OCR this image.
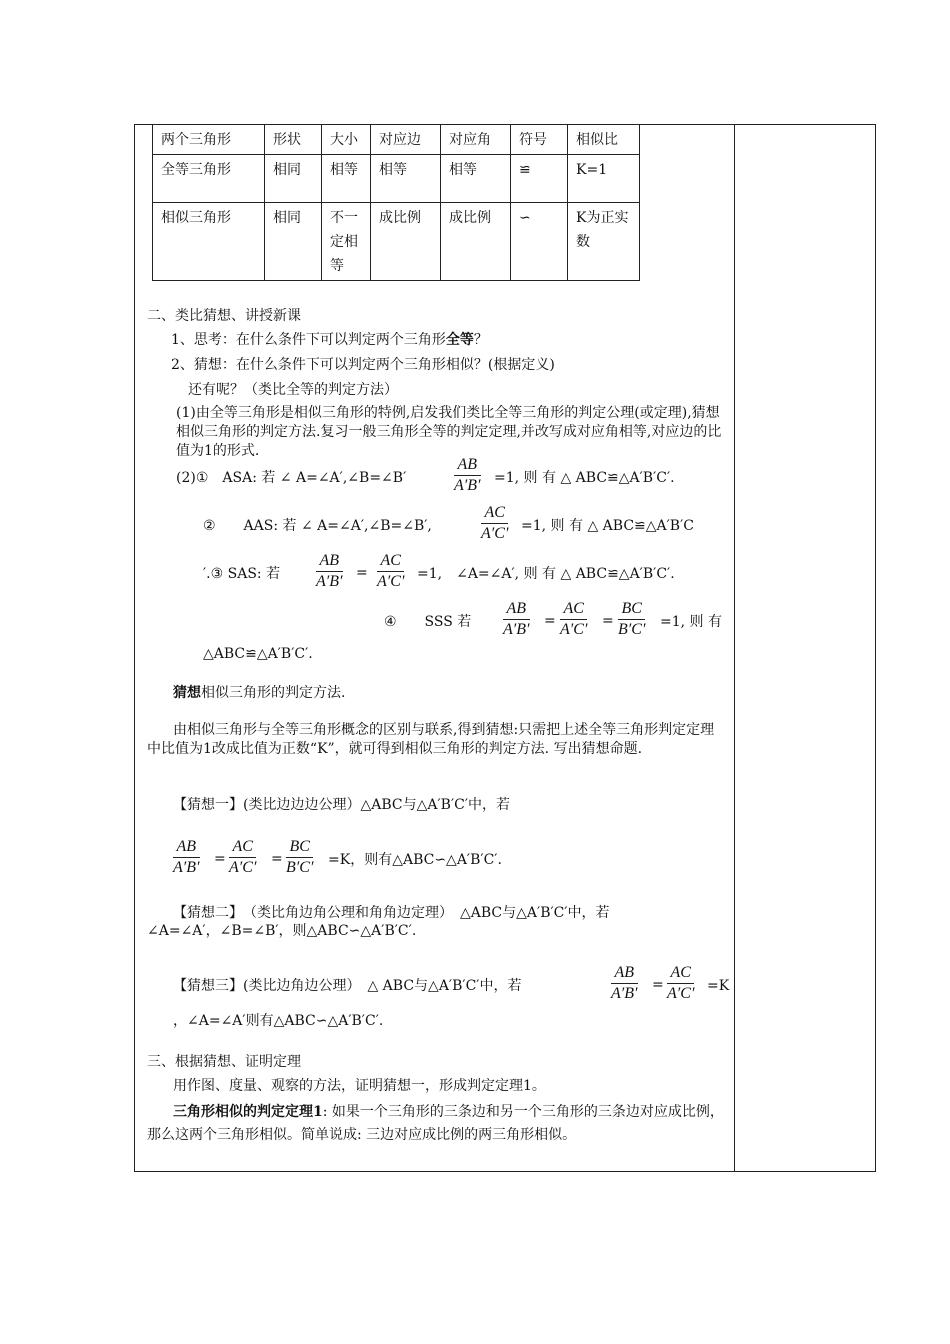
两个三角形	形状	大小	对应边	对应角	符号	相似比
全等三角形	相同	相等	相等	相等	≌	K=1
相似三角形	相同	不一定相等	成比例	成比例	∽	K为正实数
二、类比猜想、讲授新课
1、思考：在什么条件下可以判定两个三角形全等？
2、猜想：在什么条件下可以判定两个三角形相似？(根据定义)
还有呢？（类比全等的判定方法）
(1)由全等三角形是相似三角形的特例,启发我们类比全等三角形的判定公理(或定理),猜想相似三角形的判定方法.复习一般三角形全等的判定定理,并改写成对应角相等,对应边的比值为1的形式.
(2)①　ASA: 若 ∠ A=∠A′,∠B=∠B′	$\frac{AB}{A'B'} =1$, 则 有 △ ABC≌△A′B′C′.
②　　AAS: 若 ∠ A=∠A′,∠B=∠B′,	$\frac{AC}{A'C'} =1$, 则 有 △ ABC≌△A′B′C
′.③ SAS: 若 $\frac{AB}{A'B'} = \frac{AC}{A'C'} =1$,　∠A=∠A′, 则 有 △ ABC≌△A′B′C′.
④　　SSS 若 $\frac{AB}{A'B'} = \frac{AC}{A'C'} = \frac{BC}{B'C'} =1$, 则 有
△ABC≌△A′B′C′.
猜想相似三角形的判定方法.
由相似三角形与全等三角形概念的区别与联系,得到猜想:只需把上述全等三角形判定定理中比值为1改成比值为正数“K”，就可得到相似三角形的判定方法. 写出猜想命题.
【猜想一】(类比边边边公理）△ABC与△A′B′C′中，若
$\frac{AB}{A'B'} = \frac{AC}{A'C'} = \frac{BC}{B'C'} =K$，则有△ABC∽△A′B′C′.
【猜想二】　（类比角边角公理和角角边定理）　△ABC与△A′B′C′中，若
∠A=∠A′，∠B=∠B′，则△ABC∽△A′B′C′.
【猜想三】(类比边角边公理）　△ ABC与△A′B′C′中，若	$\frac{AB}{A'B'} = \frac{AC}{A'C'} =K$
，∠A=∠A′则有△ABC∽△A′B′C′.
三、根据猜想、证明定理
用作图、度量、观察的方法，证明猜想一，形成判定定理1。
三角形相似的判定定理1: 如果一个三角形的三条边和另一个三角形的三条边对应成比例，那么这两个三角形相似。简单说成: 三边对应成比例的两三角形相似。
